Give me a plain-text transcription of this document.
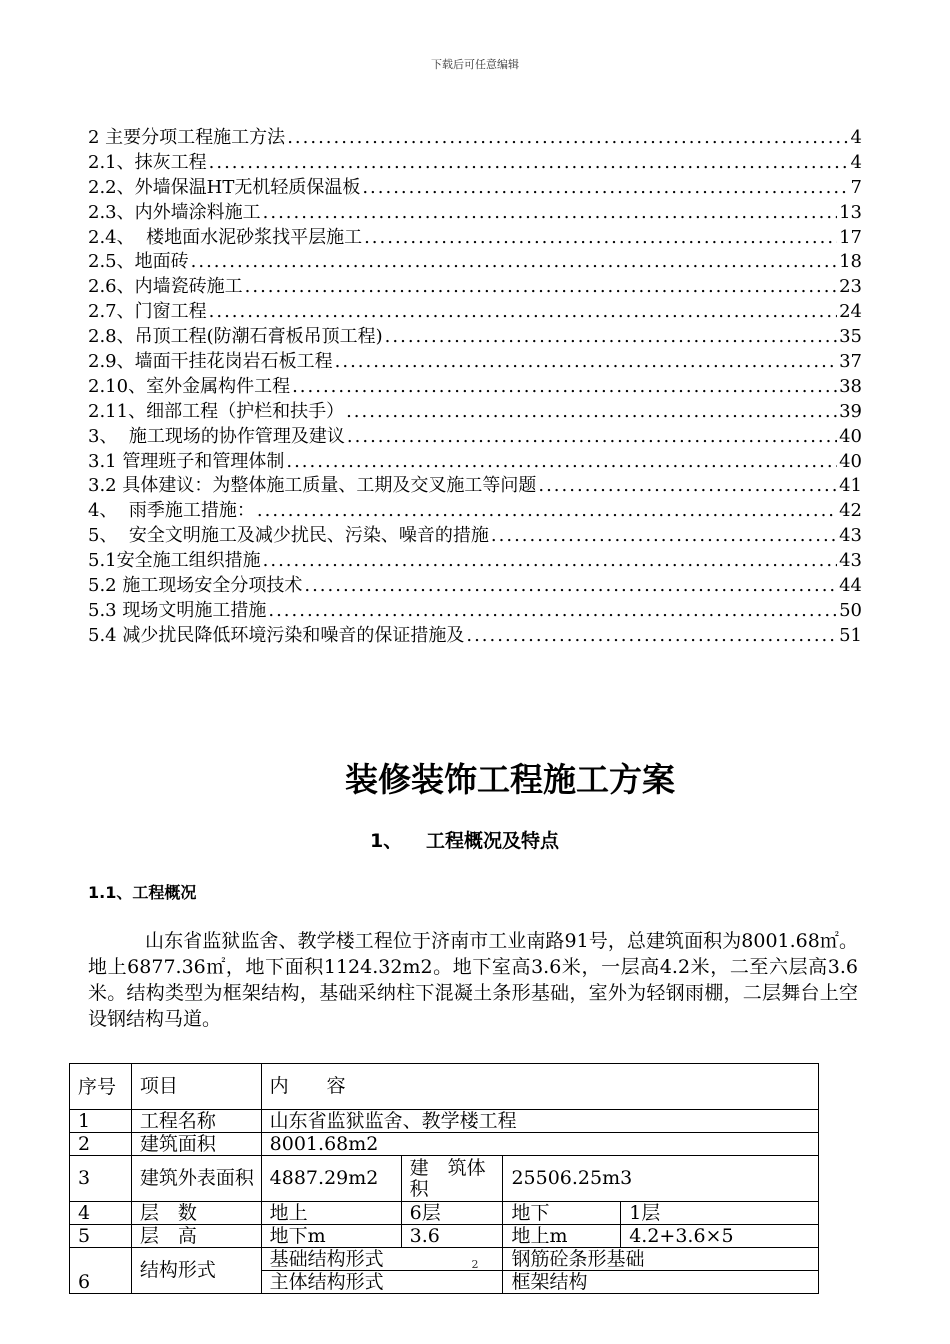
下载后可任意编辑
2 主要分项工程施工方法 .....	4
2.1、抹灰工程 .....	4
2.2、外墙保温HT无机轻质保温板 .....	7
2.3、内外墙涂料施工 .....	13
2.4、  楼地面水泥砂浆找平层施工 .....	17
2.5、地面砖 .....	18
2.6、内墙瓷砖施工 .....	23
2.7、门窗工程 .....	24
2.8、吊顶工程(防潮石膏板吊顶工程) .....	35
2.9、墙面干挂花岗岩石板工程 .....	37
2.10、室外金属构件工程 .....	38
2.11、细部工程（护栏和扶手） .....	39
3、  施工现场的协作管理及建议 .....	40
3.1 管理班子和管理体制 .....	40
3.2 具体建议：为整体施工质量、工期及交叉施工等问题 .....	41
4、  雨季施工措施： .....	42
5、  安全文明施工及减少扰民、污染、噪音的措施 .....	43
5.1安全施工组织措施 .....	43
5.2 施工现场安全分项技术 .....	44
5.3 现场文明施工措施 .....	50
5.4 减少扰民降低环境污染和噪音的保证措施及 .....	51
装修装饰工程施工方案
1、 工程概况及特点
1.1、工程概况
山东省监狱监舍、教学楼工程位于济南市工业南路91号，总建筑面积为8001.68㎡。地上6877.36㎡，地下面积1124.32m2。地下室高3.6米，一层高4.2米，二至六层高3.6米。结构类型为框架结构，基础采纳柱下混凝土条形基础，室外为轻钢雨棚，二层舞台上空设钢结构马道。
序号	项目	内　　容			
1	工程名称	山东省监狱监舍、教学楼工程			
2	建筑面积	8001.68m2			
3	建筑外表面积	4887.29m2	建　筑体积	25506.25m3	
4	层　数	地上	6层	地下	1层
5	层　高	地下m	3.6	地上m	4.2+3.6×5
6	结构形式	基础结构形式		钢筋砼条形基础	
		主体结构形式		框架结构	
2
